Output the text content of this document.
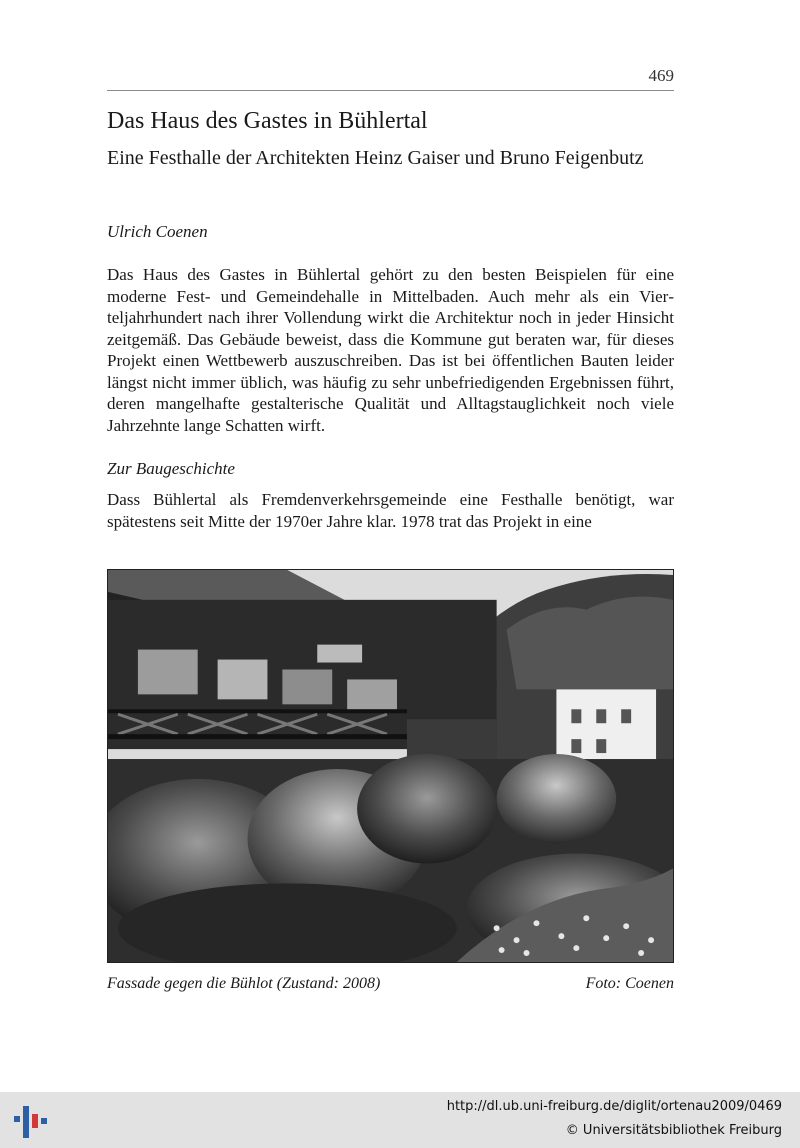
469
Das Haus des Gastes in Bühlertal
Eine Festhalle der Architekten Heinz Gaiser und Bruno Feigenbutz
Ulrich Coenen

Das Haus des Gastes in Bühlertal gehört zu den besten Beispielen für eine moderne Fest- und Gemeindehalle in Mittelbaden. Auch mehr als ein Vierteljahrhundert nach ihrer Vollendung wirkt die Architektur noch in jeder Hinsicht zeitgemäß. Das Gebäude beweist, dass die Kommune gut beraten war, für dieses Projekt einen Wettbewerb auszuschreiben. Das ist bei öffentlichen Bauten leider längst nicht immer üblich, was häufig zu sehr unbefriedigenden Ergebnissen führt, deren mangelhafte gestalterische Qualität und Alltagstauglichkeit noch viele Jahrzehnte lange Schatten wirft.

Zur Baugeschichte

Dass Bühlertal als Fremdenverkehrsgemeinde eine Festhalle benötigt, war spätestens seit Mitte der 1970er Jahre klar. 1978 trat das Projekt in eine

Fassade gegen die Bühlot (Zustand: 2008)	Foto: Coenen
http://dl.ub.uni-freiburg.de/diglit/ortenau2009/0469
© Universitätsbibliothek Freiburg
